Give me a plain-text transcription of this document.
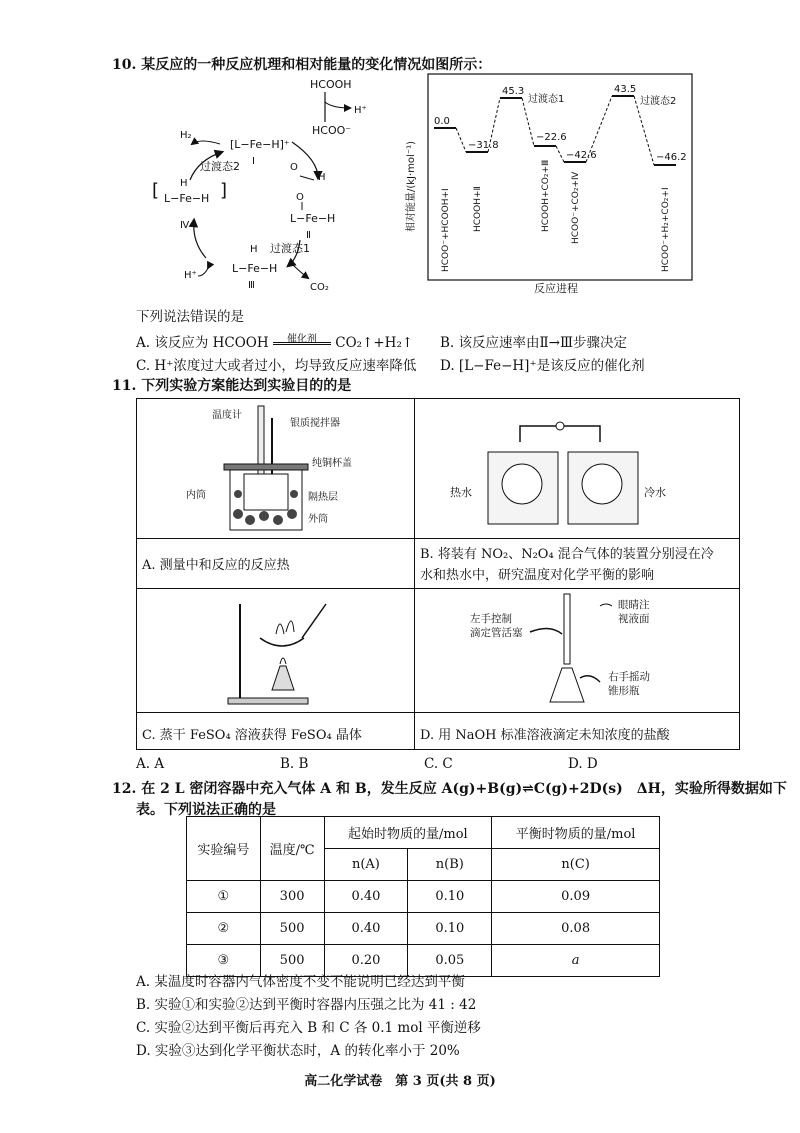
10. 某反应的一种反应机理和相对能量的变化情况如图所示：
HCOOH
H⁺
HCOO⁻
[L−Fe−H]⁺
Ⅰ
H₂
过渡态2
[ H
L−Fe−H ]
Ⅳ
O
H
O
L−Fe−H
Ⅱ
过渡态1
H
L−Fe−H
Ⅲ
H⁺
CO₂
相对能量/(kJ·mol⁻¹)
反应进程
0.0
−31.8
45.3
−22.6
−42.6
43.5
−46.2
过渡态1	过渡态2
HCOO⁻+HCOOH+Ⅰ HCOOH+Ⅱ	HCOOH+CO₂+Ⅲ HCOO⁻+CO₂+Ⅳ	HCOO⁻+H₂+CO₂+Ⅰ
下列说法错误的是
A. 该反应为 HCOOH	催化剂	CO₂↑+H₂↑ B. 该反应速率由Ⅱ→Ⅲ步骤决定
C. H⁺浓度过大或者过小，均导致反应速率降低 D. [L−Fe−H]⁺是该反应的催化剂
11. 下列实验方案能达到实验目的的是
温度计
银质搅拌器
纯铜杯盖
内筒	隔热层
外筒
热水	冷水
左手控制
滴定管活塞
眼睛注
视液面
右手摇动
锥形瓶
A. 测量中和反应的反应热
B. 将装有 NO₂、N₂O₄ 混合气体的装置分别浸在冷
水和热水中，研究温度对化学平衡的影响
C. 蒸干 FeSO₄ 溶液获得 FeSO₄ 晶体	D. 用 NaOH 标准溶液滴定未知浓度的盐酸
A. A	B. B	C. C	D. D
12. 在 2 L 密闭容器中充入气体 A 和 B，发生反应 A(g)+B(g)⇌C(g)+2D(s)　ΔH，实验所得数据如下
表。下列说法正确的是
实验编号	温度/℃	起始时物质的量/mol		平衡时物质的量/mol
		n(A)	n(B)	n(C)
①	300	0.40	0.10	0.09
②	500	0.40	0.10	0.08
③	500	0.20	0.05	a
A. 某温度时容器内气体密度不变不能说明已经达到平衡
B. 实验①和实验②达到平衡时容器内压强之比为 41 : 42
C. 实验②达到平衡后再充入 B 和 C 各 0.1 mol 平衡逆移
D. 实验③达到化学平衡状态时，A 的转化率小于 20%
高二化学试卷　第 3 页(共 8 页)
